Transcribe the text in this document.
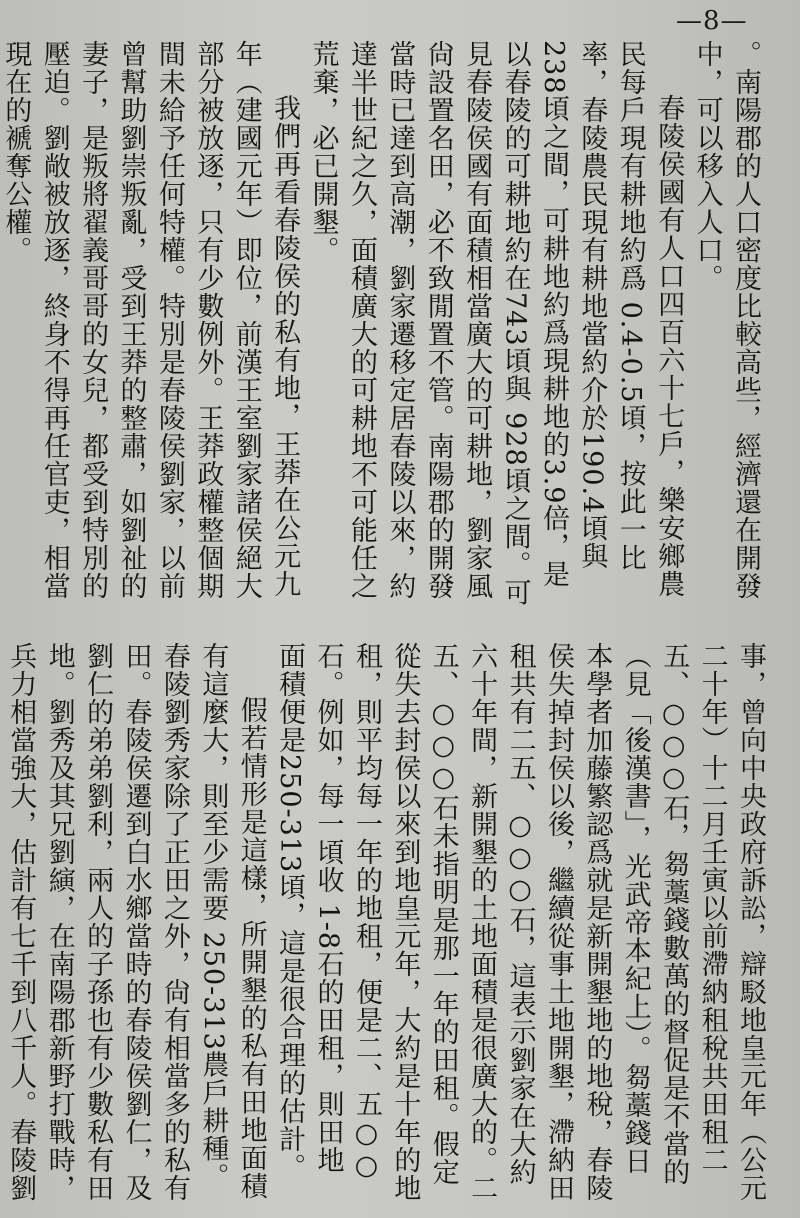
—8—

。南陽郡的人口密度比較高些，經濟還在開發中，可以移入人口。

春陵侯國有人口四百六十七戶，樂安鄉農民每戶現有耕地約爲 0.4-0.5頃，按此一比率，春陵農民現有耕地當約介於190.4頃與238頃之間，可耕地約爲現耕地的3.9倍，是以春陵的可耕地約在743頃與 928頃之間。可見春陵侯國有面積相當廣大的可耕地，劉家風尙設置名田，必不致閒置不管。南陽郡的開發當時已達到高潮，劉家遷移定居春陵以來，約達半世紀之久，面積廣大的可耕地不可能任之荒棄，必已開墾。

我們再看春陵侯的私有地，王莽在公元九年（建國元年）即位，前漢王室劉家諸侯絕大部分被放逐，只有少數例外。王莽政權整個期間未給予任何特權。特別是春陵侯劉家，以前曾幫助劉崇叛亂，受到王莽的整肅，如劉祉的妻子，是叛將翟義哥哥的女兒，都受到特別的壓迫。劉敞被放逐，終身不得再任官吏，相當現在的褫奪公權。

事，曾向中央政府訴訟，辯駁地皇元年（公元二十年）十二月壬寅以前滯納租稅共田租二五、○○○石，芻藁錢數萬的督促是不當的（見「後漢書」，光武帝本紀上）。芻藁錢日本學者加藤繁認爲就是新開墾地的地稅，春陵侯失掉封侯以後，繼續從事土地開墾，滯納田租共有二五、○○○石，這表示劉家在大約六十年間，新開墾的土地面積是很廣大的。二五、○○○石未指明是那一年的田租。假定從失去封侯以來到地皇元年，大約是十年的地租，則平均每一年的地租，便是二、五○○石。例如，每一頃收 1-8石的田租，則田地面積便是250-313頃，這是很合理的估計。

假若情形是這樣，所開墾的私有田地面積有這麼大，則至少需要 250-313農戶耕種。春陵劉秀家除了正田之外，尙有相當多的私有田。春陵侯遷到白水鄉當時的春陵侯劉仁，及劉仁的弟弟劉利，兩人的子孫也有少數私有田地。劉秀及其兄劉縯，在南陽郡新野打戰時，兵力相當強大，估計有七千到八千人。春陵劉
